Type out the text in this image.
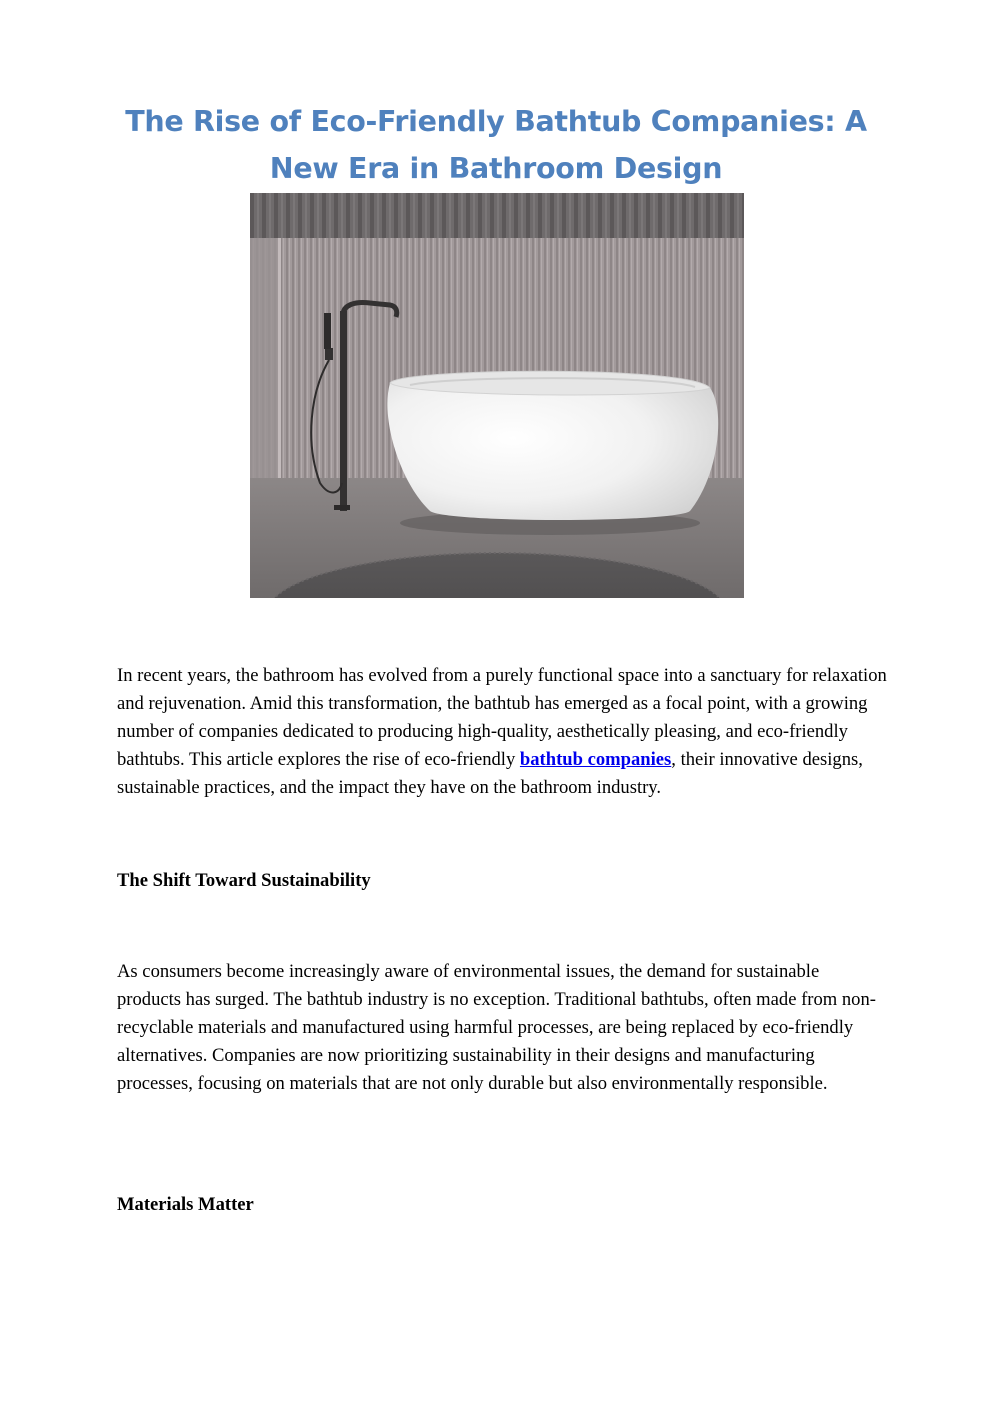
The Rise of Eco-Friendly Bathtub Companies: A New Era in Bathroom Design

In recent years, the bathroom has evolved from a purely functional space into a sanctuary for relaxation and rejuvenation. Amid this transformation, the bathtub has emerged as a focal point, with a growing number of companies dedicated to producing high-quality, aesthetically pleasing, and eco-friendly bathtubs. This article explores the rise of eco-friendly bathtub companies, their innovative designs, sustainable practices, and the impact they have on the bathroom industry.

The Shift Toward Sustainability

As consumers become increasingly aware of environmental issues, the demand for sustainable products has surged. The bathtub industry is no exception. Traditional bathtubs, often made from non-recyclable materials and manufactured using harmful processes, are being replaced by eco-friendly alternatives. Companies are now prioritizing sustainability in their designs and manufacturing processes, focusing on materials that are not only durable but also environmentally responsible.

Materials Matter
